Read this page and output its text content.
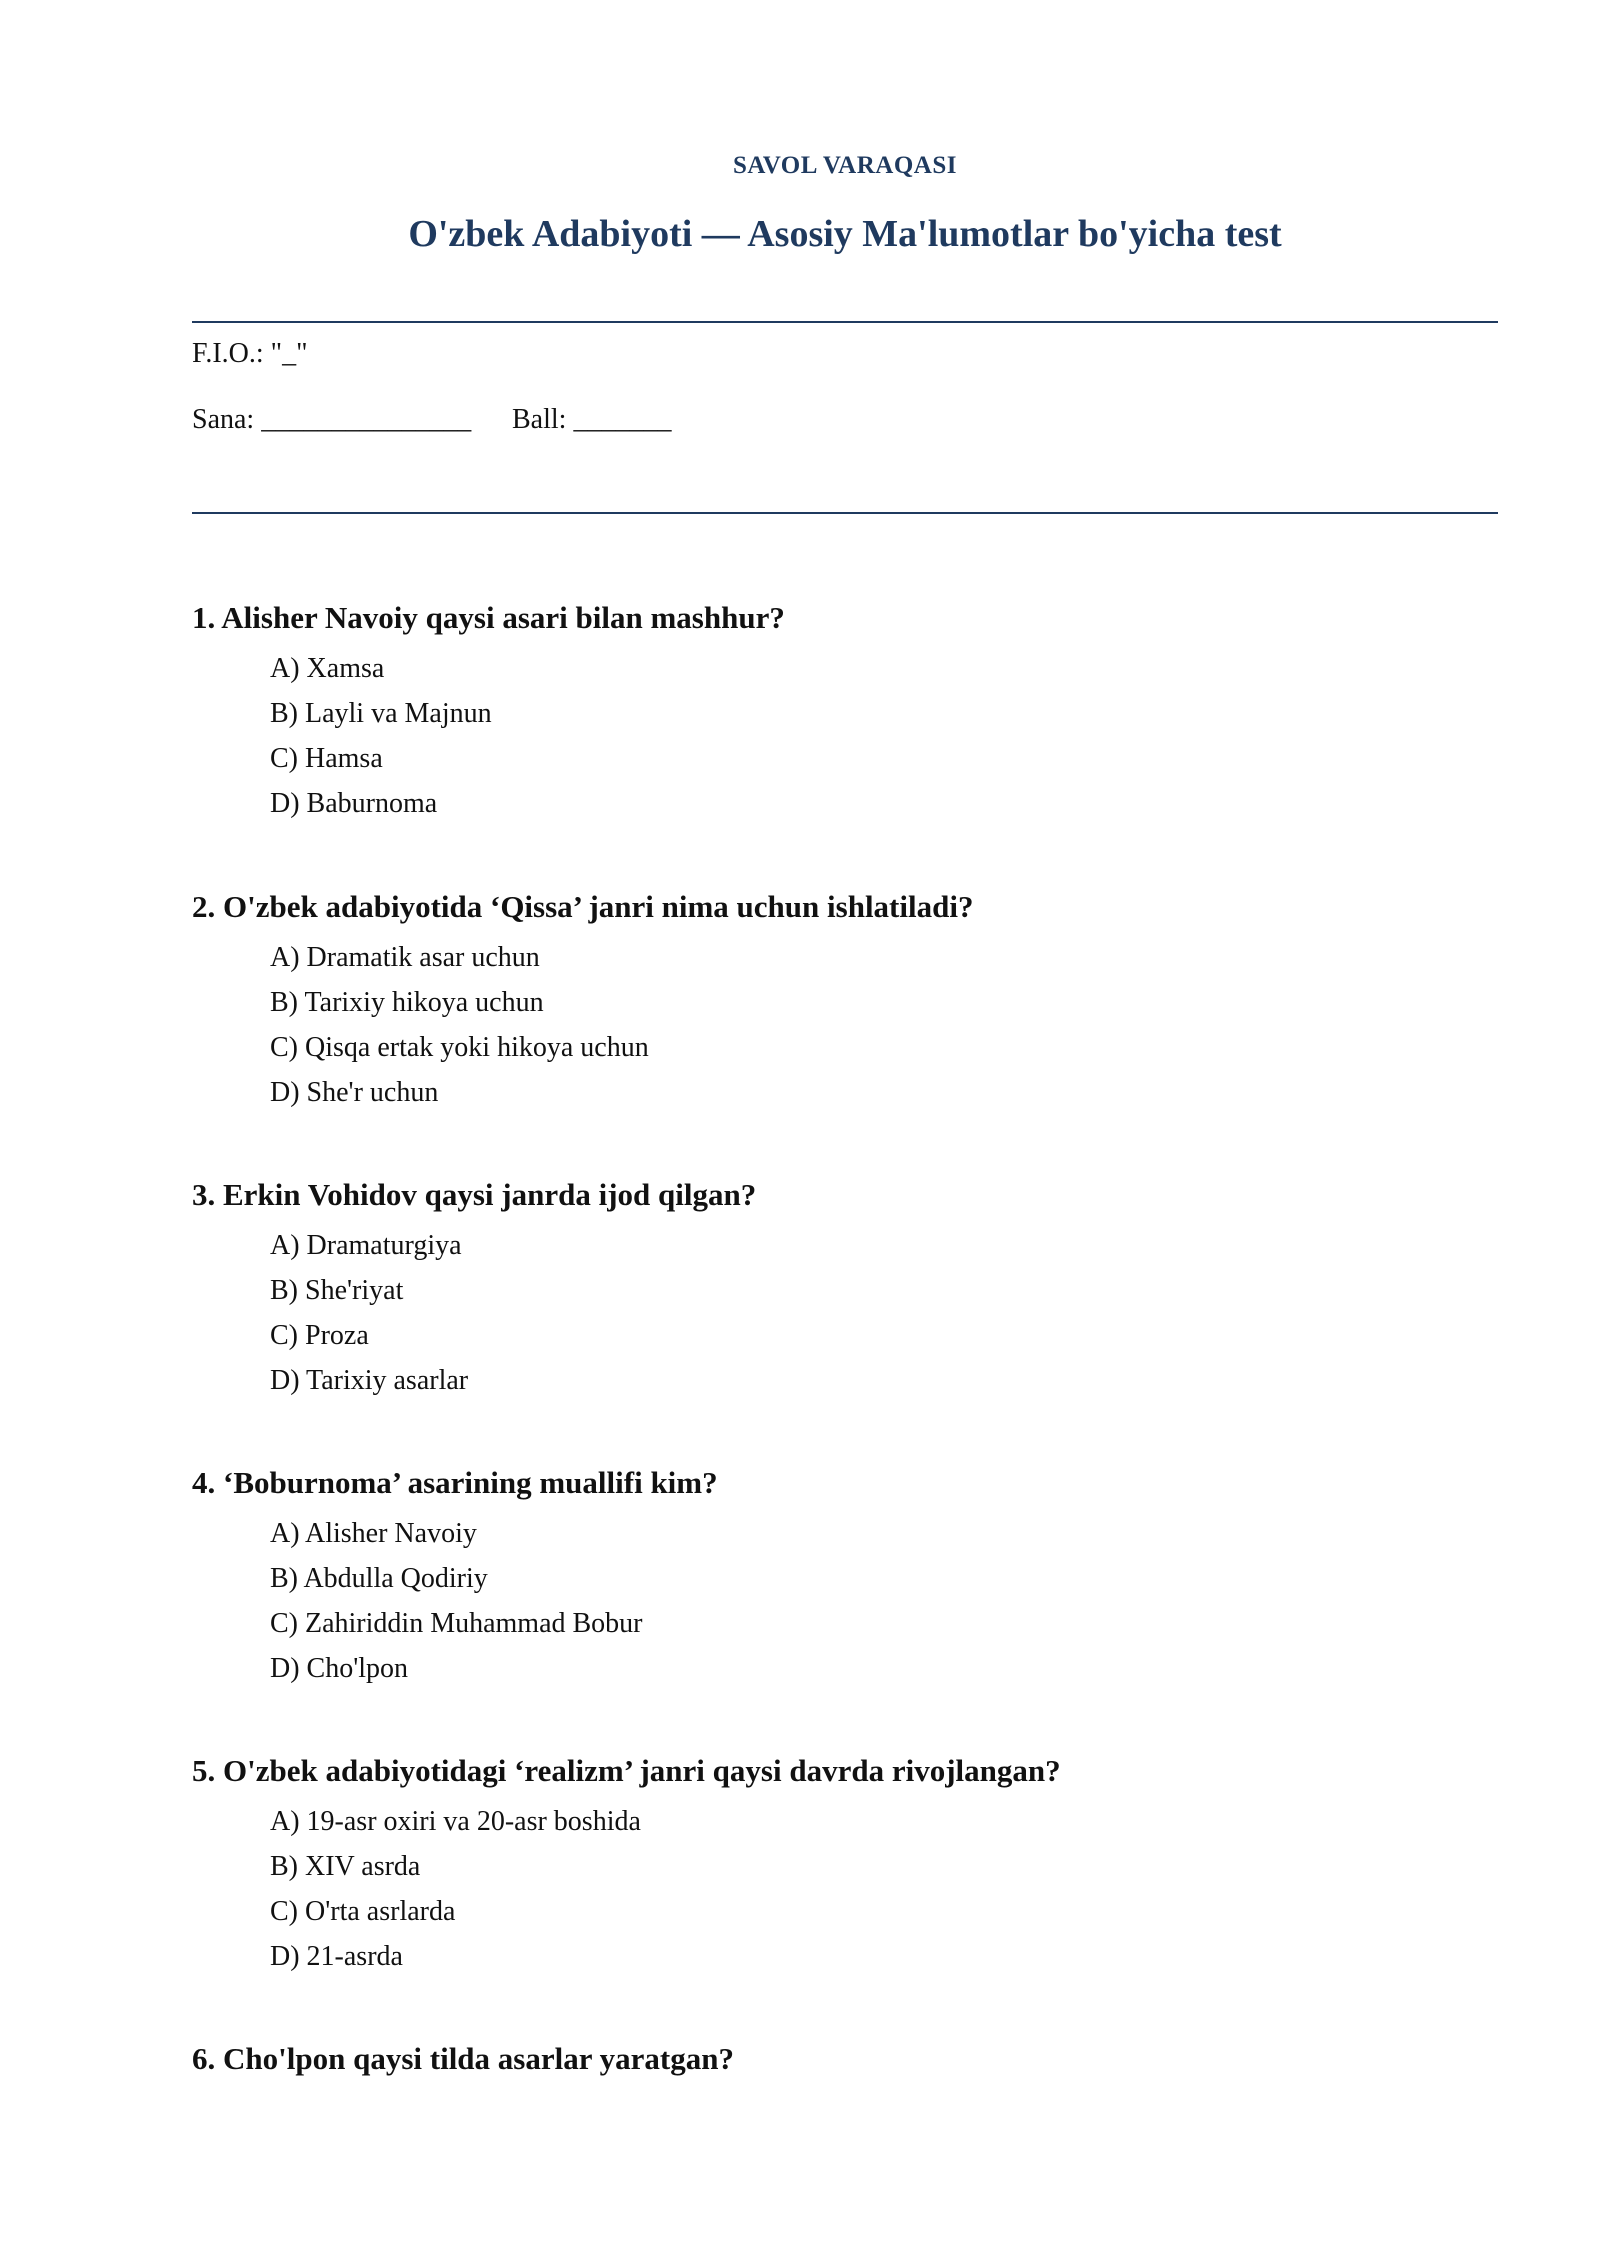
SAVOL VARAQASI
O'zbek Adabiyoti — Asosiy Ma'lumotlar bo'yicha test
F.I.O.: "_"
Sana: _______________ Ball: _______
1. Alisher Navoiy qaysi asari bilan mashhur?
A) Xamsa
B) Layli va Majnun
C) Hamsa
D) Baburnoma
2. O'zbek adabiyotida ‘Qissa’ janri nima uchun ishlatiladi?
A) Dramatik asar uchun
B) Tarixiy hikoya uchun
C) Qisqa ertak yoki hikoya uchun
D) She'r uchun
3. Erkin Vohidov qaysi janrda ijod qilgan?
A) Dramaturgiya
B) She'riyat
C) Proza
D) Tarixiy asarlar
4. ‘Boburnoma’ asarining muallifi kim?
A) Alisher Navoiy
B) Abdulla Qodiriy
C) Zahiriddin Muhammad Bobur
D) Cho'lpon
5. O'zbek adabiyotidagi ‘realizm’ janri qaysi davrda rivojlangan?
A) 19-asr oxiri va 20-asr boshida
B) XIV asrda
C) O'rta asrlarda
D) 21-asrda
6. Cho'lpon qaysi tilda asarlar yaratgan?
